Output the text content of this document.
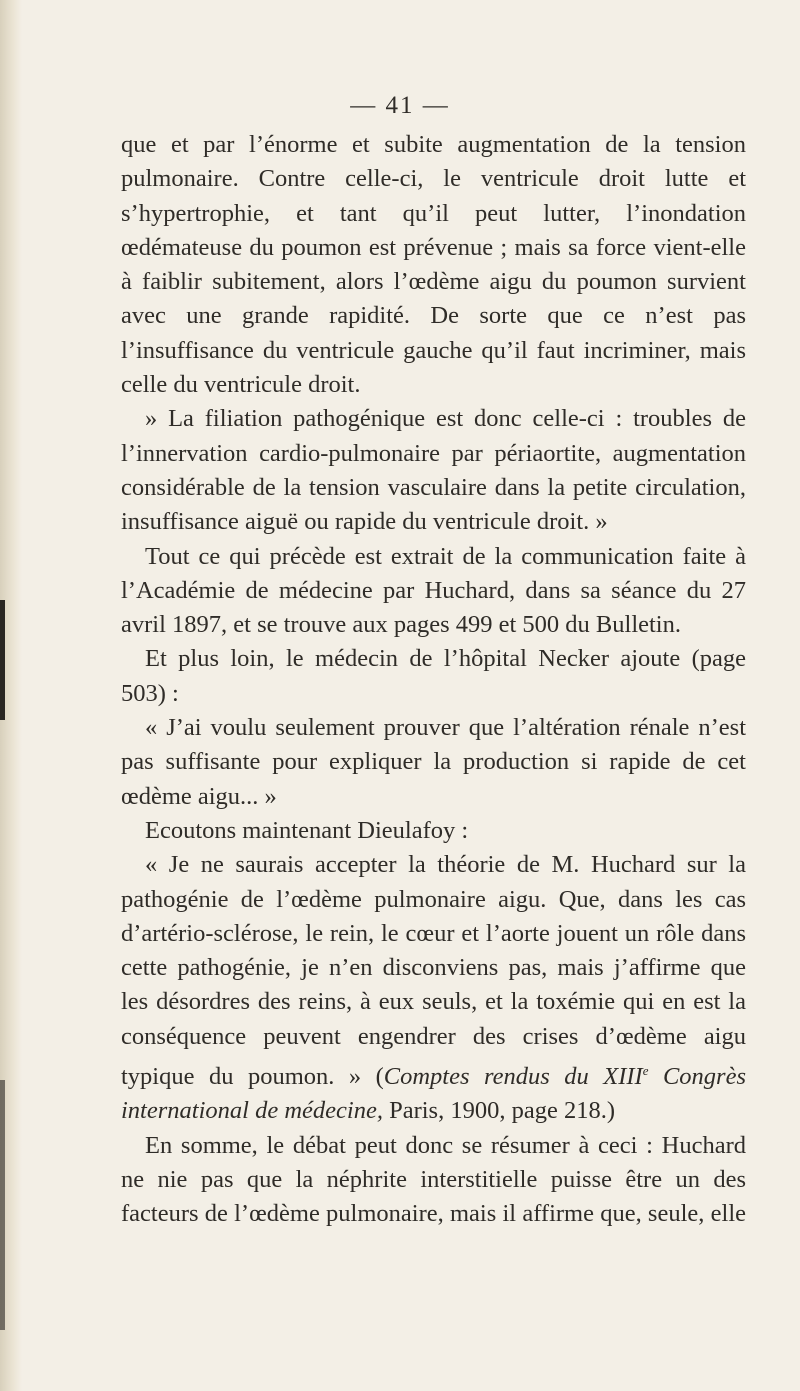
— 41 —

que et par l’énorme et subite augmentation de la tension pulmonaire. Contre celle-ci, le ventricule droit lutte et s’hypertrophie, et tant qu’il peut lutter, l’inondation œdémateuse du poumon est prévenue ; mais sa force vient-elle à faiblir subitement, alors l’œdème aigu du poumon survient avec une grande rapidité. De sorte que ce n’est pas l’insuffisance du ventricule gauche qu’il faut incriminer, mais celle du ventricule droit.

» La filiation pathogénique est donc celle-ci : troubles de l’innervation cardio-pulmonaire par périaortite, augmentation considérable de la tension vasculaire dans la petite circulation, insuffisance aiguë ou rapide du ventricule droit. »

Tout ce qui précède est extrait de la communication faite à l’Académie de médecine par Huchard, dans sa séance du 27 avril 1897, et se trouve aux pages 499 et 500 du Bulletin.

Et plus loin, le médecin de l’hôpital Necker ajoute (page 503) :

« J’ai voulu seulement prouver que l’altération rénale n’est pas suffisante pour expliquer la production si rapide de cet œdème aigu... »

Ecoutons maintenant Dieulafoy :

« Je ne saurais accepter la théorie de M. Huchard sur la pathogénie de l’œdème pulmonaire aigu. Que, dans les cas d’artério-sclérose, le rein, le cœur et l’aorte jouent un rôle dans cette pathogénie, je n’en disconviens pas, mais j’affirme que les désordres des reins, à eux seuls, et la toxémie qui en est la conséquence peuvent engendrer des crises d’œdème aigu typique du poumon. » (Comptes rendus du XIIIe Congrès international de médecine, Paris, 1900, page 218.)

En somme, le débat peut donc se résumer à ceci : Huchard ne nie pas que la néphrite interstitielle puisse être un des facteurs de l’œdème pulmonaire, mais il affirme que, seule, elle
